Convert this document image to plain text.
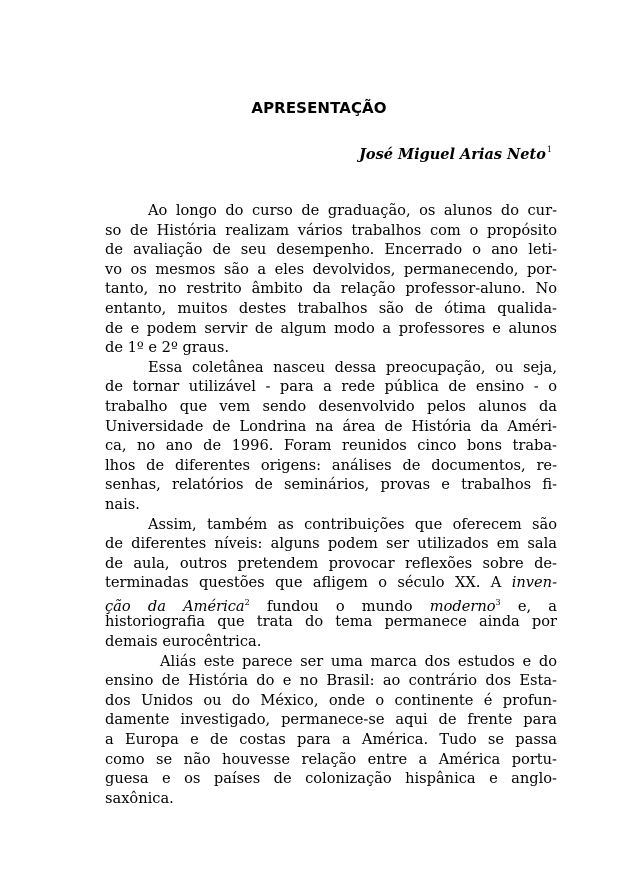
APRESENTAÇÃO
José Miguel Arias Neto$^1$
Ao longo do curso de graduação, os alunos do cur-
so de História realizam vários trabalhos com o propósito
de avaliação de seu desempenho. Encerrado o ano leti-
vo os mesmos são a eles devolvidos, permanecendo, por-
tanto, no restrito âmbito da relação professor-aluno. No
entanto, muitos destes trabalhos são de ótima qualida-
de e podem servir de algum modo a professores e alunos
de 1º e 2º graus.
Essa coletânea nasceu dessa preocupação, ou seja,
de tornar utilizável - para a rede pública de ensino - o
trabalho que vem sendo desenvolvido pelos alunos da
Universidade de Londrina na área de História da Améri-
ca, no ano de 1996. Foram reunidos cinco bons traba-
lhos de diferentes origens: análises de documentos, re-
senhas, relatórios de seminários, provas e trabalhos fi-
nais.
Assim, também as contribuições que oferecem são
de diferentes níveis: alguns podem ser utilizados em sala
de aula, outros pretendem provocar reflexões sobre de-
terminadas questões que afligem o século XX. A inven-
ção da América$^2$ fundou o mundo moderno$^3$ e, a
historiografia que trata do tema permanece ainda por
demais eurocêntrica.
Aliás este parece ser uma marca dos estudos e do
ensino de História do e no Brasil: ao contrário dos Esta-
dos Unidos ou do México, onde o continente é profun-
damente investigado, permanece-se aqui de frente para
a Europa e de costas para a América. Tudo se passa
como se não houvesse relação entre a América portu-
guesa e os países de colonização hispânica e anglo-
saxônica.
